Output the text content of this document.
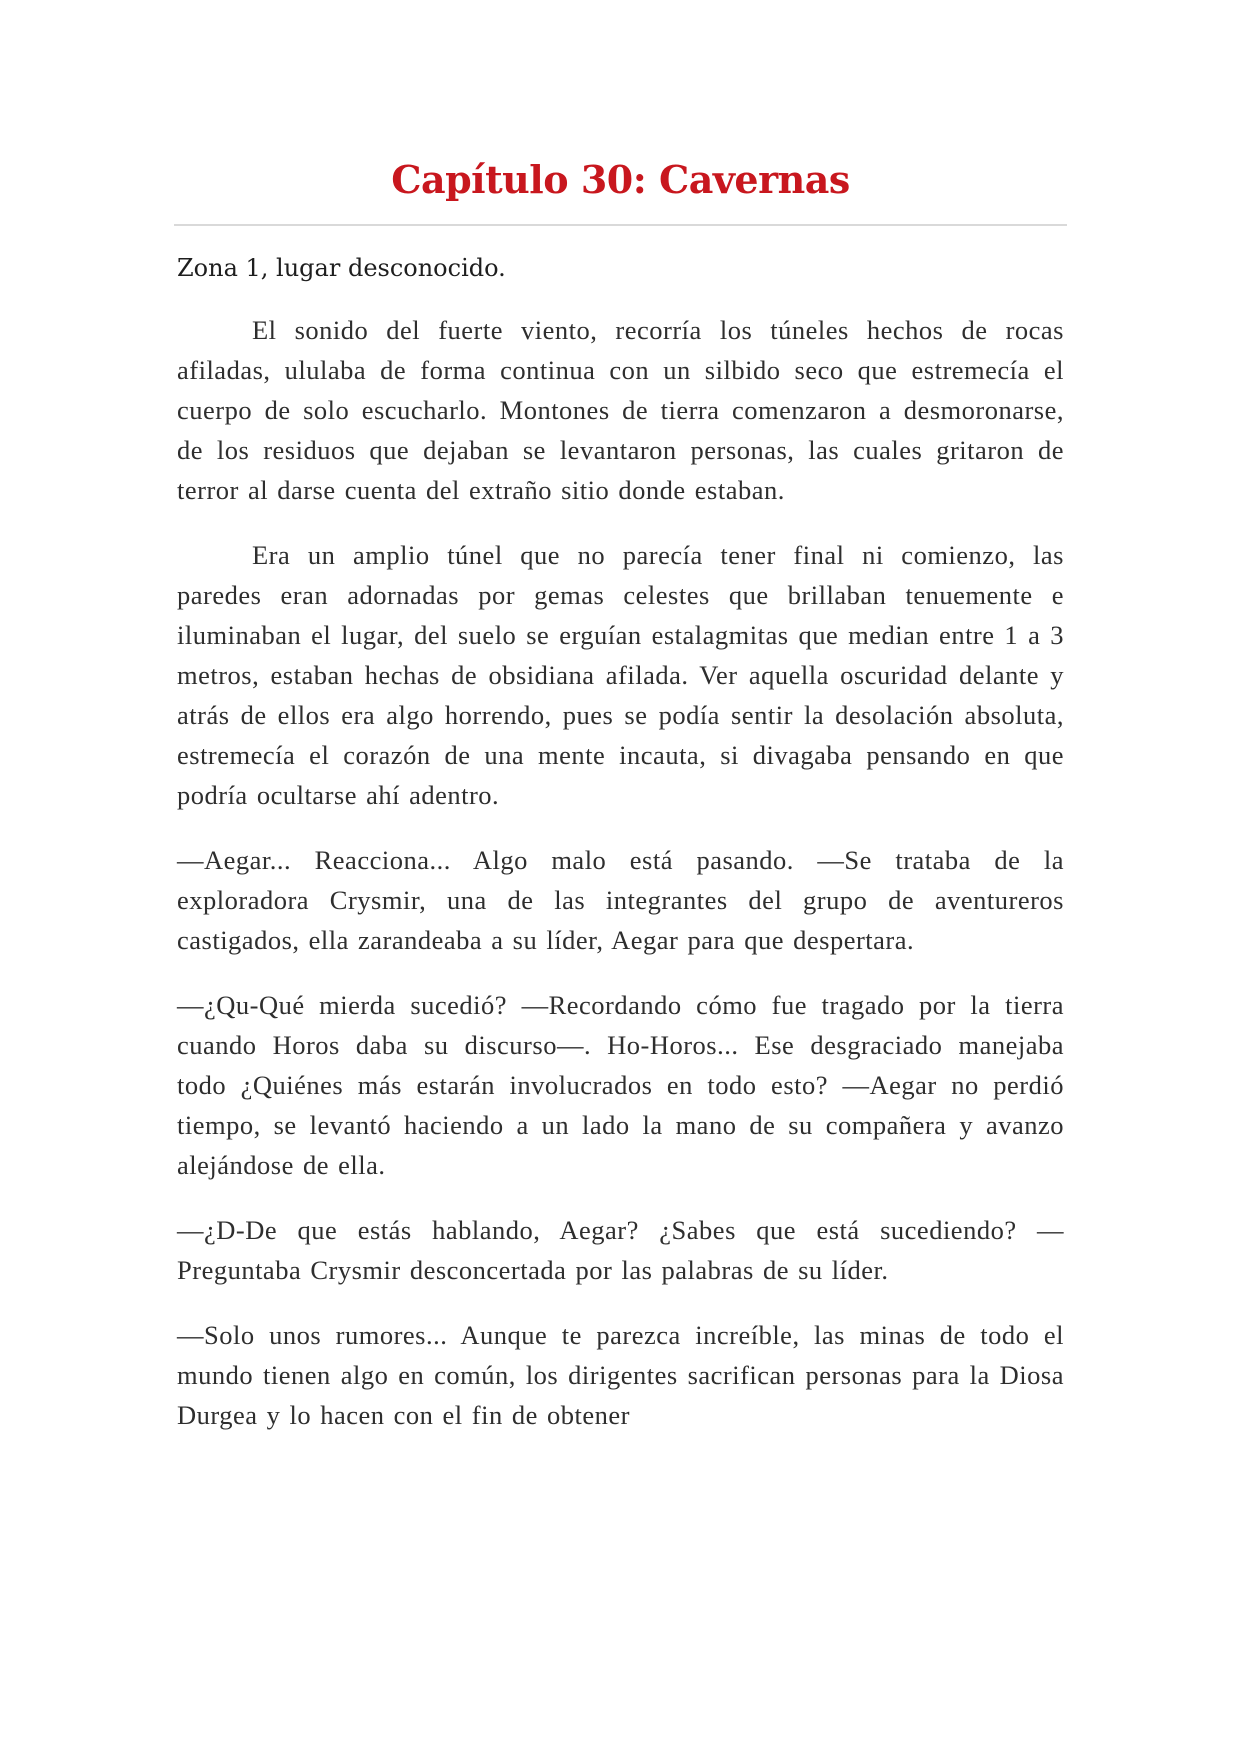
Capítulo 30: Cavernas
Zona 1, lugar desconocido.

El sonido del fuerte viento, recorría los túneles hechos de rocas afiladas, ululaba de forma continua con un silbido seco que estremecía el cuerpo de solo escucharlo. Montones de tierra comenzaron a desmoronarse, de los residuos que dejaban se levantaron personas, las cuales gritaron de terror al darse cuenta del extraño sitio donde estaban.

Era un amplio túnel que no parecía tener final ni comienzo, las paredes eran adornadas por gemas celestes que brillaban tenuemente e iluminaban el lugar, del suelo se erguían estalagmitas que median entre 1 a 3 metros, estaban hechas de obsidiana afilada. Ver aquella oscuridad delante y atrás de ellos era algo horrendo, pues se podía sentir la desolación absoluta, estremecía el corazón de una mente incauta, si divagaba pensando en que podría ocultarse ahí adentro.

—Aegar... Reacciona... Algo malo está pasando. —Se trataba de la exploradora Crysmir, una de las integrantes del grupo de aventureros castigados, ella zarandeaba a su líder, Aegar para que despertara.

—¿Qu-Qué mierda sucedió? —Recordando cómo fue tragado por la tierra cuando Horos daba su discurso—. Ho-Horos... Ese desgraciado manejaba todo ¿Quiénes más estarán involucrados en todo esto? —Aegar no perdió tiempo, se levantó haciendo a un lado la mano de su compañera y avanzo alejándose de ella.

—¿D-De que estás hablando, Aegar? ¿Sabes que está sucediendo? —Preguntaba Crysmir desconcertada por las palabras de su líder.

—Solo unos rumores... Aunque te parezca increíble, las minas de todo el mundo tienen algo en común, los dirigentes sacrifican personas para la Diosa Durgea y lo hacen con el fin de obtener
